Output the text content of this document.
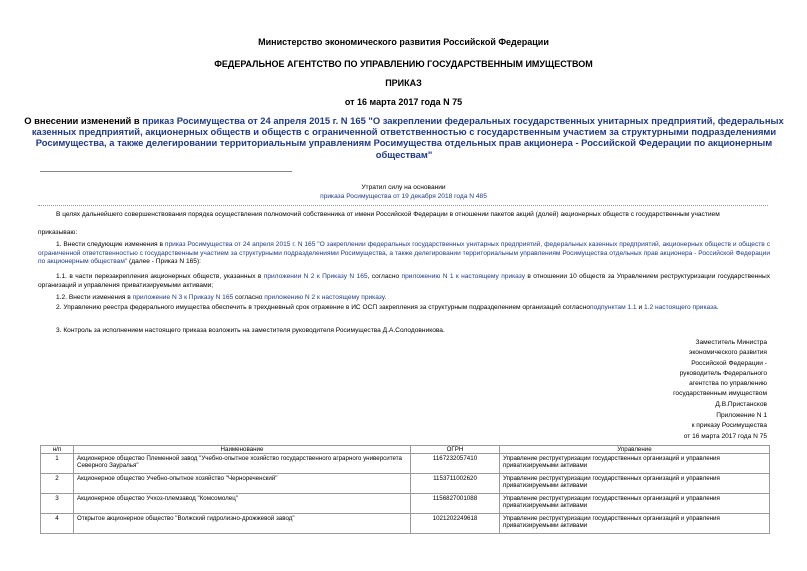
Министерство экономического развития Российской Федерации
ФЕДЕРАЛЬНОЕ АГЕНТСТВО ПО УПРАВЛЕНИЮ ГОСУДАРСТВЕННЫМ ИМУЩЕСТВОМ
ПРИКАЗ
от 16 марта 2017 года N 75
О внесении изменений в приказ Росимущества от 24 апреля 2015 г. N 165 "О закреплении федеральных государственных унитарных предприятий, федеральных казенных предприятий, акционерных обществ и обществ с ограниченной ответственностью с государственным участием за структурными подразделениями Росимущества, а также делегировании территориальным управлениям Росимущества отдельных прав акционера - Российской Федерации по акционерным обществам"
Утратил силу на основании
приказа Росимущества от 19 декабря 2018 года N 485
В целях дальнейшего совершенствования порядка осуществления полномочий собственника от имени Российской Федерации в отношении пакетов акций (долей) акционерных обществ с государственным участием
приказываю:
1. Внести следующие изменения в приказ Росимущества от 24 апреля 2015 г. N 165 "О закреплении федеральных государственных унитарных предприятий, федеральных казенных предприятий, акционерных обществ и обществ с ограниченной ответственностью с государственным участием за структурными подразделениями Росимущества, а также делегировании территориальным управлениям Росимущества отдельных прав акционера - Российской Федерации по акционерным обществам" (далее - Приказ N 165):
1.1. в части перезакрепления акционерных обществ, указанных в приложении N 2 к Приказу N 165, согласно приложению N 1 к настоящему приказу в отношении 10 обществ за Управлением реструктуризации государственных организаций и управления приватизируемыми активами;
1.2. Внести изменения в приложение N 3 к Приказу N 165 согласно приложению N 2 к настоящему приказу.
2. Управлению реестра федерального имущества обеспечить в трехдневный срок отражение в ИС ОСП закрепления за структурным подразделением организаций согласноподпунктам 1.1 и 1.2 настоящего приказа.
3. Контроль за исполнением настоящего приказа возложить на заместителя руководителя Росимущества Д.А.Солодовникова.
Заместитель Министра
экономического развития
Российской Федерации -
руководитель Федерального
агентства по управлению
государственным имуществом
Д.В.Пристансков
Приложение N 1
к приказу Росимущества
от 16 марта 2017 года N 75
н/п	Наименование	ОГРН	Управление
1	Акционерное общество Племенной завод "Учебно-опытное хозяйство государственного аграрного университета Северного Зауралья"	1167232057410	Управление реструктуризации государственных организаций и управления приватизируемыми активами
2	Акционерное общество Учебно-опытное хозяйство "Чернореченский"	1153711002620	Управление реструктуризации государственных организаций и управления приватизируемыми активами
3	Акционерное общество Учхоз-племзавод "Комсомолец"	1156827001088	Управление реструктуризации государственных организаций и управления приватизируемыми активами
4	Открытое акционерное общество "Волжский гидролизно-дрожжевой завод"	1021202249618	Управление реструктуризации государственных организаций и управления приватизируемыми активами
